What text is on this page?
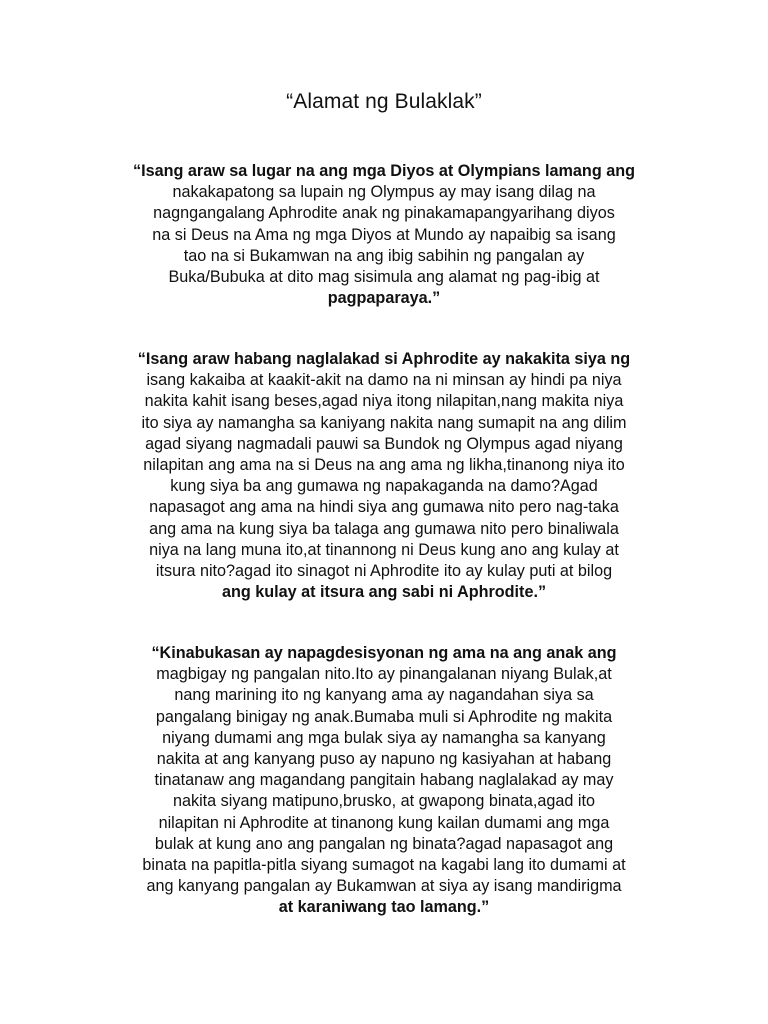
“Alamat ng Bulaklak”
“Isang araw sa lugar na ang mga Diyos at Olympians lamang ang
nakakapatong sa lupain ng Olympus ay may isang dilag na
nagngangalang Aphrodite anak ng pinakamapangyarihang diyos
na si Deus na Ama ng mga Diyos at Mundo ay napaibig sa isang
tao na si Bukamwan na ang ibig sabihin ng pangalan ay
Buka/Bubuka at dito mag sisimula ang alamat ng pag-ibig at
pagpaparaya.”
“Isang araw habang naglalakad si Aphrodite ay nakakita siya ng
isang kakaiba at kaakit-akit na damo na ni minsan ay hindi pa niya
nakita kahit isang beses,agad niya itong nilapitan,nang makita niya
ito siya ay namangha sa kaniyang nakita nang sumapit na ang dilim
agad siyang nagmadali pauwi sa Bundok ng Olympus agad niyang
nilapitan ang ama na si Deus na ang ama ng likha,tinanong niya ito
kung siya ba ang gumawa ng napakaganda na damo?Agad
napasagot ang ama na hindi siya ang gumawa nito pero nag-taka
ang ama na kung siya ba talaga ang gumawa nito pero binaliwala
niya na lang muna ito,at tinannong ni Deus kung ano ang kulay at
itsura nito?agad ito sinagot ni Aphrodite ito ay kulay puti at bilog
ang kulay at itsura ang sabi ni Aphrodite.”
“Kinabukasan ay napagdesisyonan ng ama na ang anak ang
magbigay ng pangalan nito.Ito ay pinangalanan niyang Bulak,at
nang marining ito ng kanyang ama ay nagandahan siya sa
pangalang binigay ng anak.Bumaba muli si Aphrodite ng makita
niyang dumami ang mga bulak siya ay namangha sa kanyang
nakita at ang kanyang puso ay napuno ng kasiyahan at habang
tinatanaw ang magandang pangitain habang naglalakad ay may
nakita siyang matipuno,brusko, at gwapong binata,agad ito
nilapitan ni Aphrodite at tinanong kung kailan dumami ang mga
bulak at kung ano ang pangalan ng binata?agad napasagot ang
binata na papitla-pitla siyang sumagot na kagabi lang ito dumami at
ang kanyang pangalan ay Bukamwan at siya ay isang mandirigma
at karaniwang tao lamang.”
